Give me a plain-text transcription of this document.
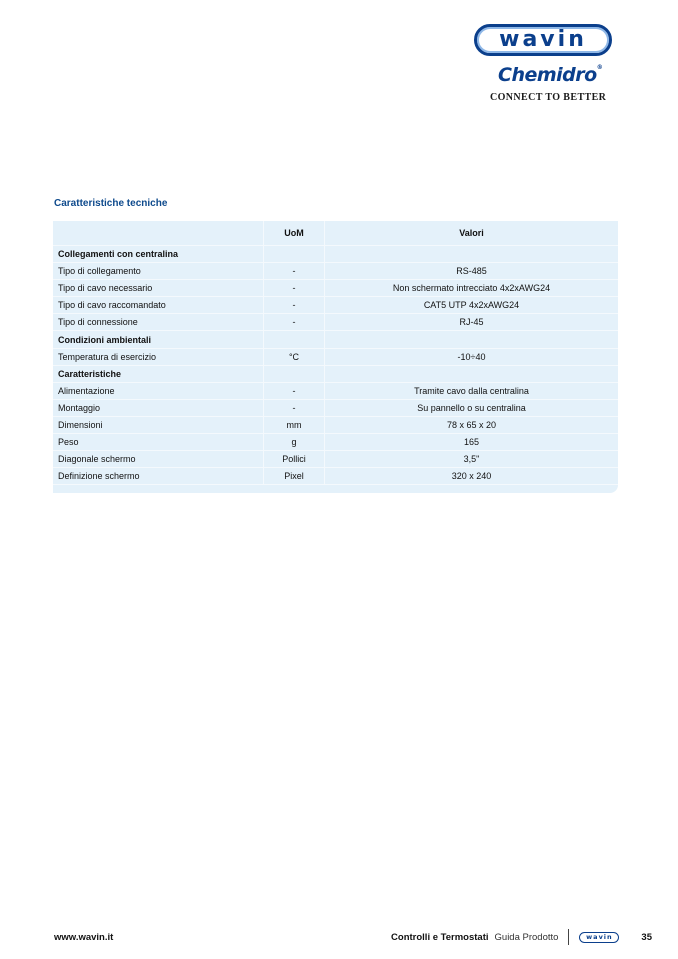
wavin
Chemidro®
CONNECT TO BETTER
Caratteristiche tecniche
	UoM	Valori
Collegamenti con centralina		
Tipo di collegamento	-	RS-485
Tipo di cavo necessario	-	Non schermato intrecciato 4x2xAWG24
Tipo di cavo raccomandato	-	CAT5 UTP 4x2xAWG24
Tipo di connessione	-	RJ-45
Condizioni ambientali		
Temperatura di esercizio	°C	-10÷40
Caratteristiche		
Alimentazione	-	Tramite cavo dalla centralina
Montaggio	-	Su pannello o su centralina
Dimensioni	mm	78 x 65 x 20
Peso	g	165
Diagonale schermo	Pollici	3,5"
Definizione schermo	Pixel	320 x 240
www.wavin.it	Controlli e Termostati Guida Prodotto	wavin	35
